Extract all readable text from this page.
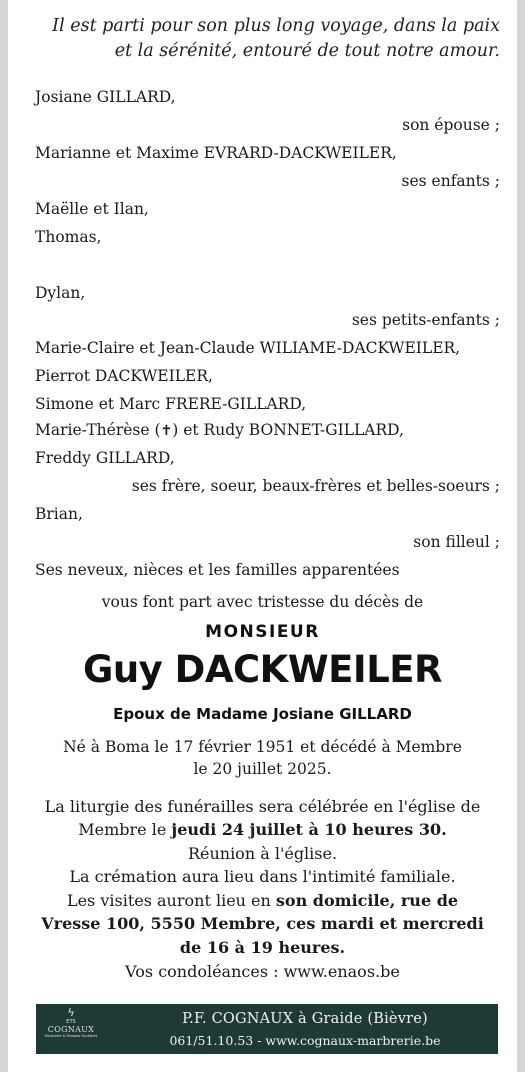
Il est parti pour son plus long voyage, dans la paix
et la sérénité, entouré de tout notre amour.
Josiane GILLARD,
son épouse ;
Marianne et Maxime EVRARD-DACKWEILER,
ses enfants ;
Maëlle et Ilan,
Thomas,
Dylan,
ses petits-enfants ;
Marie-Claire et Jean-Claude WILIAME-DACKWEILER,
Pierrot DACKWEILER,
Simone et Marc FRERE-GILLARD,
Marie-Thérèse (✝) et Rudy BONNET-GILLARD,
Freddy GILLARD,
ses frère, soeur, beaux-frères et belles-soeurs ;
Brian,
son filleul ;
Ses neveux, nièces et les familles apparentées
vous font part avec tristesse du décès de
MONSIEUR
Guy DACKWEILER
Epoux de Madame Josiane GILLARD
Né à Boma le 17 février 1951 et décédé à Membre
le 20 juillet 2025.
La liturgie des funérailles sera célébrée en l'église de
Membre le jeudi 24 juillet à 10 heures 30.
Réunion à l'église.
La crémation aura lieu dans l'intimité familiale.
Les visites auront lieu en son domicile, rue de
Vresse 100, 5550 Membre, ces mardi et mercredi
de 16 à 19 heures.
Vos condoléances : www.enaos.be
ϟ
ETS
COGNAUX
Marbrerie & Pompes Funèbres
P.F. COGNAUX à Graide (Bièvre)
061/51.10.53 - www.cognaux-marbrerie.be
